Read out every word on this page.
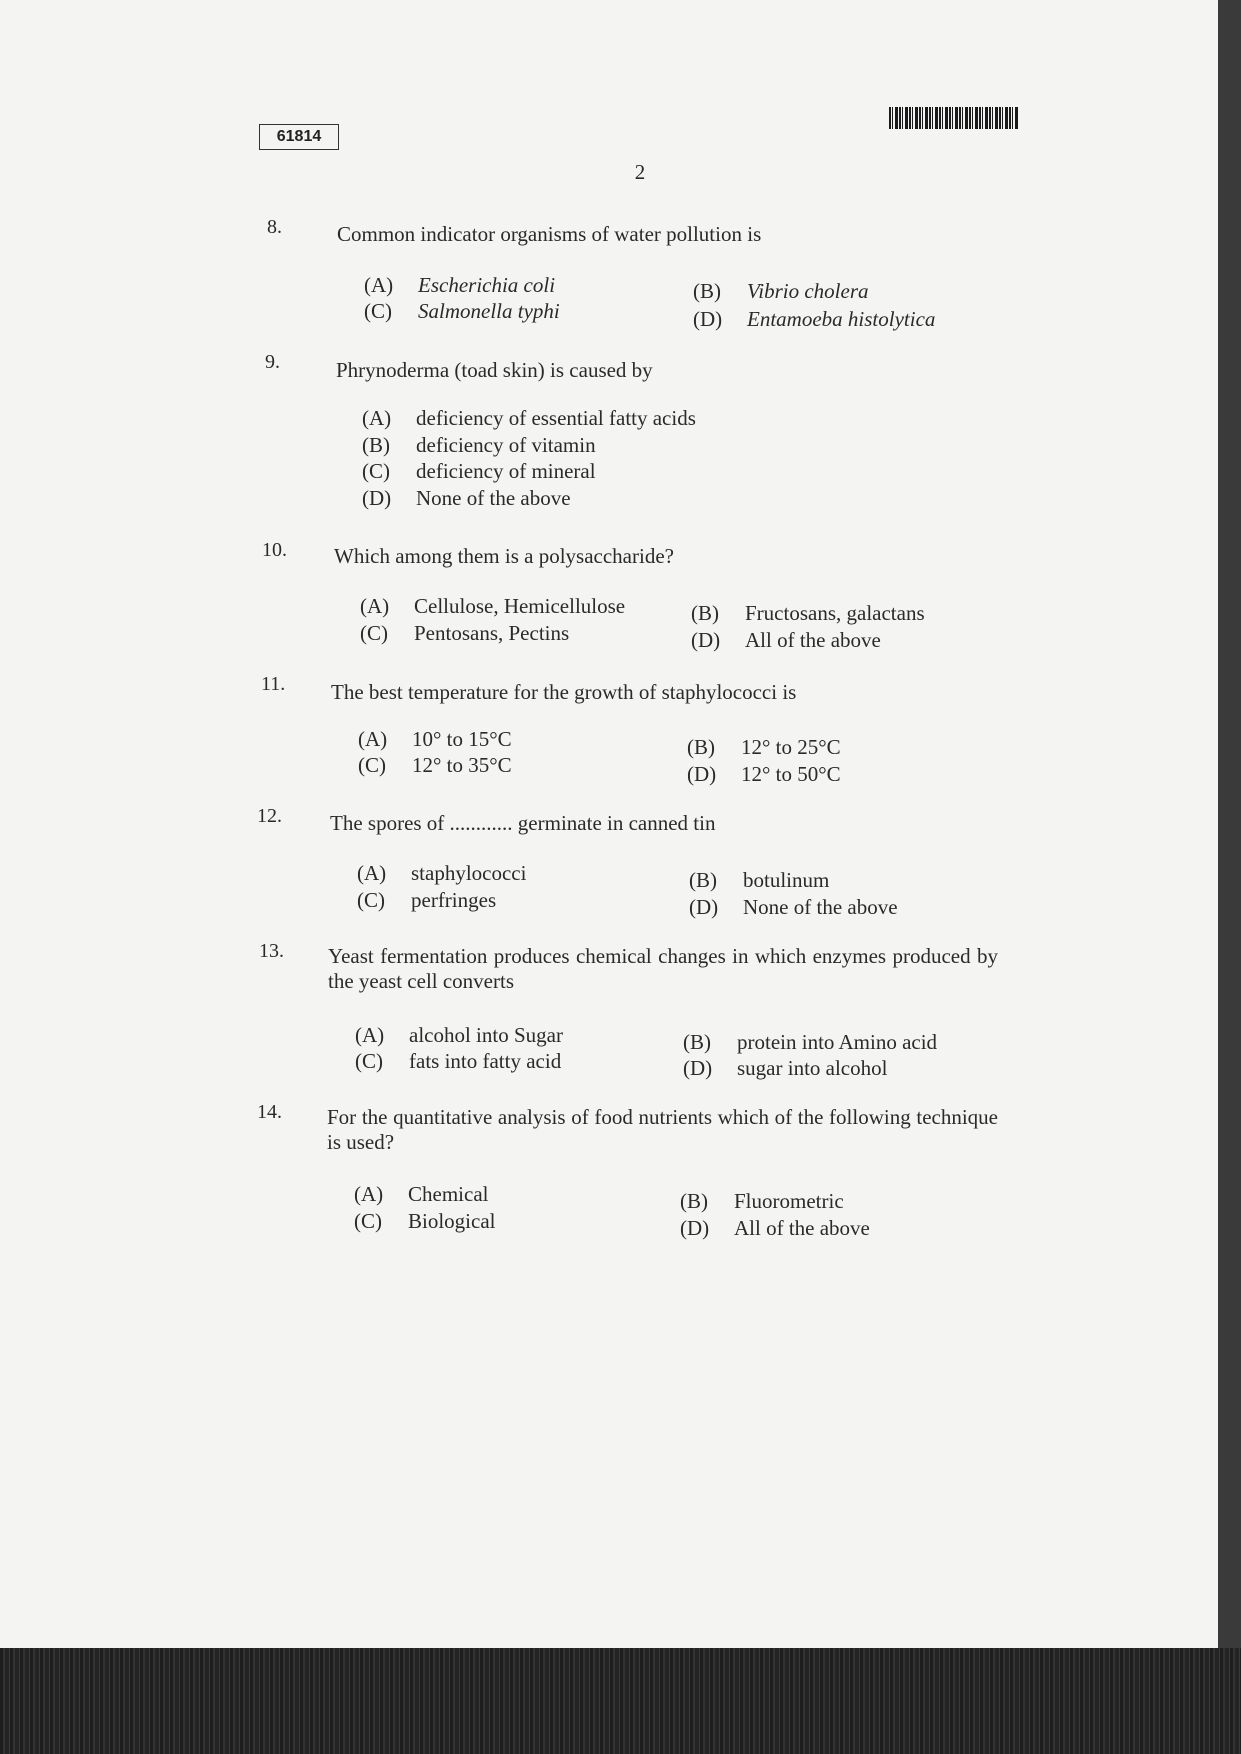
61814
2
8.	Common indicator organisms of water pollution is
(A) Escherichia coli	(B) Vibrio cholera
(C) Salmonella typhi	(D) Entamoeba histolytica
9.	Phrynoderma (toad skin) is caused by
(A) deficiency of essential fatty acids
(B) deficiency of vitamin
(C) deficiency of mineral
(D) None of the above
10. Which among them is a polysaccharide?
(A) Cellulose, Hemicellulose	(B) Fructosans, galactans
(C) Pentosans, Pectins	(D) All of the above
11. The best temperature for the growth of staphylococci is
(A) 10° to 15°C	(B) 12° to 25°C
(C) 12° to 35°C	(D) 12° to 50°C
12. The spores of ............ germinate in canned tin
(A) staphylococci	(B) botulinum
(C) perfringes	(D) None of the above
13. Yeast fermentation produces chemical changes in which enzymes produced by the yeast cell converts
(A) alcohol into Sugar	(B) protein into Amino acid
(C) fats into fatty acid	(D) sugar into alcohol
14. For the quantitative analysis of food nutrients which of the following technique is used?
(A) Chemical	(B) Fluorometric
(C) Biological	(D) All of the above
